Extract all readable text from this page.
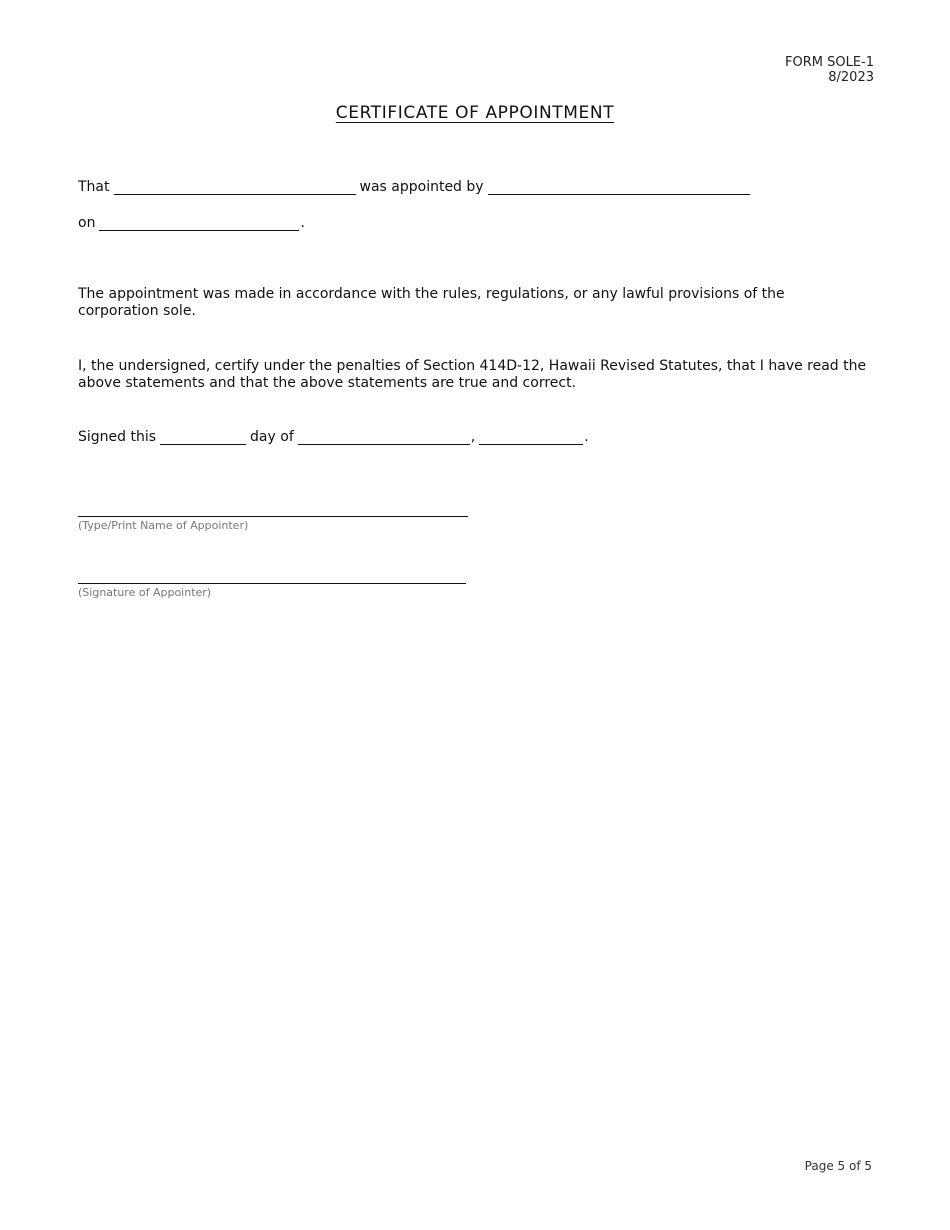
FORM SOLE-1
8/2023
CERTIFICATE OF APPOINTMENT
That	was appointed by
on	.
The appointment was made in accordance with the rules, regulations, or any lawful provisions of the corporation sole.
I, the undersigned, certify under the penalties of Section 414D-12, Hawaii Revised Statutes, that I have read the above statements and that the above statements are true and correct.
Signed this	day of	,	.
(Type/Print Name of Appointer)
(Signature of Appointer)
Page 5 of 5
